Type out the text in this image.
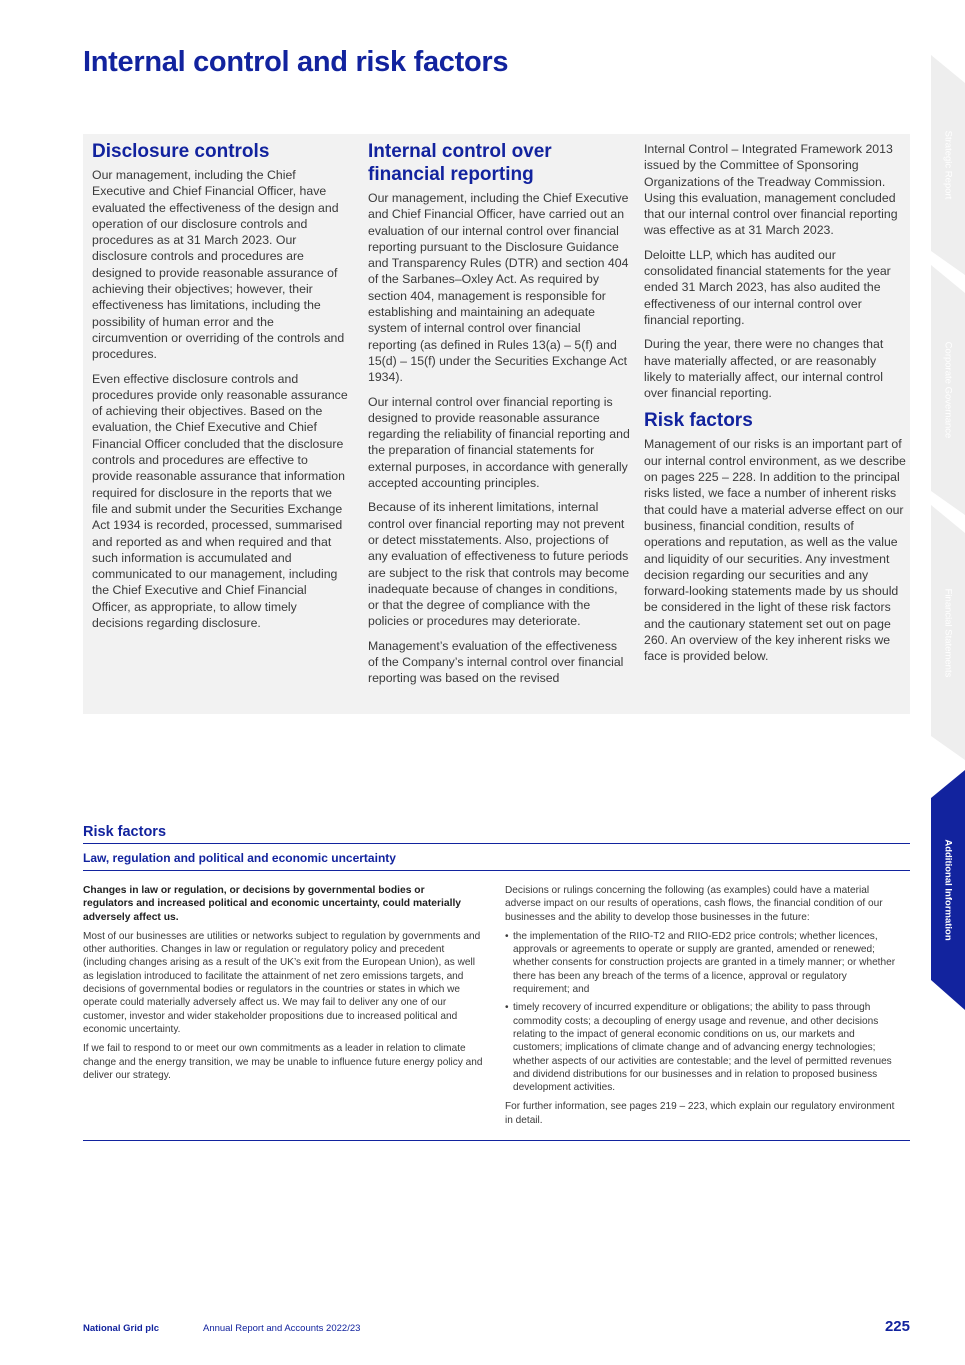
Internal control and risk factors
Disclosure controls

Our management, including the Chief Executive and Chief Financial Officer, have evaluated the effectiveness of the design and operation of our disclosure controls and procedures as at 31 March 2023. Our disclosure controls and procedures are designed to provide reasonable assurance of achieving their objectives; however, their effectiveness has limitations, including the possibility of human error and the circumvention or overriding of the controls and procedures.

Even effective disclosure controls and procedures provide only reasonable assurance of achieving their objectives. Based on the evaluation, the Chief Executive and Chief Financial Officer concluded that the disclosure controls and procedures are effective to provide reasonable assurance that information required for disclosure in the reports that we file and submit under the Securities Exchange Act 1934 is recorded, processed, summarised and reported as and when required and that such information is accumulated and communicated to our management, including the Chief Executive and Chief Financial Officer, as appropriate, to allow timely decisions regarding disclosure.

Internal control over financial reporting

Our management, including the Chief Executive and Chief Financial Officer, have carried out an evaluation of our internal control over financial reporting pursuant to the Disclosure Guidance and Transparency Rules (DTR) and section 404 of the Sarbanes–Oxley Act. As required by section 404, management is responsible for establishing and maintaining an adequate system of internal control over financial reporting (as defined in Rules 13(a) – 5(f) and 15(d) – 15(f) under the Securities Exchange Act 1934).

Our internal control over financial reporting is designed to provide reasonable assurance regarding the reliability of financial reporting and the preparation of financial statements for external purposes, in accordance with generally accepted accounting principles.

Because of its inherent limitations, internal control over financial reporting may not prevent or detect misstatements. Also, projections of any evaluation of effectiveness to future periods are subject to the risk that controls may become inadequate because of changes in conditions, or that the degree of compliance with the policies or procedures may deteriorate.

Management’s evaluation of the effectiveness of the Company’s internal control over financial reporting was based on the revised

Internal Control – Integrated Framework 2013 issued by the Committee of Sponsoring Organizations of the Treadway Commission. Using this evaluation, management concluded that our internal control over financial reporting was effective as at 31 March 2023.

Deloitte LLP, which has audited our consolidated financial statements for the year ended 31 March 2023, has also audited the effectiveness of our internal control over financial reporting.

During the year, there were no changes that have materially affected, or are reasonably likely to materially affect, our internal control over financial reporting.

Risk factors

Management of our risks is an important part of our internal control environment, as we describe on pages 225 – 228. In addition to the principal risks listed, we face a number of inherent risks that could have a material adverse effect on our business, financial condition, results of operations and reputation, as well as the value and liquidity of our securities. Any investment decision regarding our securities and any forward-looking statements made by us should be considered in the light of these risk factors and the cautionary statement set out on page 260. An overview of the key inherent risks we face is provided below.

Strategic Report
Corporate Governance
Financial Statements
Additional Information
Risk factors
Law, regulation and political and economic uncertainty

Changes in law or regulation, or decisions by governmental bodies or regulators and increased political and economic uncertainty, could materially adversely affect us.

Most of our businesses are utilities or networks subject to regulation by governments and other authorities. Changes in law or regulation or regulatory policy and precedent (including changes arising as a result of the UK’s exit from the European Union), as well as legislation introduced to facilitate the attainment of net zero emissions targets, and decisions of governmental bodies or regulators in the countries or states in which we operate could materially adversely affect us. We may fail to deliver any one of our customer, investor and wider stakeholder propositions due to increased political and economic uncertainty.

If we fail to respond to or meet our own commitments as a leader in relation to climate change and the energy transition, we may be unable to influence future energy policy and deliver our strategy.

Decisions or rulings concerning the following (as examples) could have a material adverse impact on our results of operations, cash flows, the financial condition of our businesses and the ability to develop those businesses in the future:

• the implementation of the RIIO-T2 and RIIO-ED2 price controls; whether licences, approvals or agreements to operate or supply are granted, amended or renewed; whether consents for construction projects are granted in a timely manner; or whether there has been any breach of the terms of a licence, approval or regulatory requirement; and
• timely recovery of incurred expenditure or obligations; the ability to pass through commodity costs; a decoupling of energy usage and revenue, and other decisions relating to the impact of general economic conditions on us, our markets and customers; implications of climate change and of advancing energy technologies; whether aspects of our activities are contestable; and the level of permitted revenues and dividend distributions for our businesses and in relation to proposed business development activities.

For further information, see pages 219 – 223, which explain our regulatory environment in detail.

National Grid plc	Annual Report and Accounts 2022/23	225
